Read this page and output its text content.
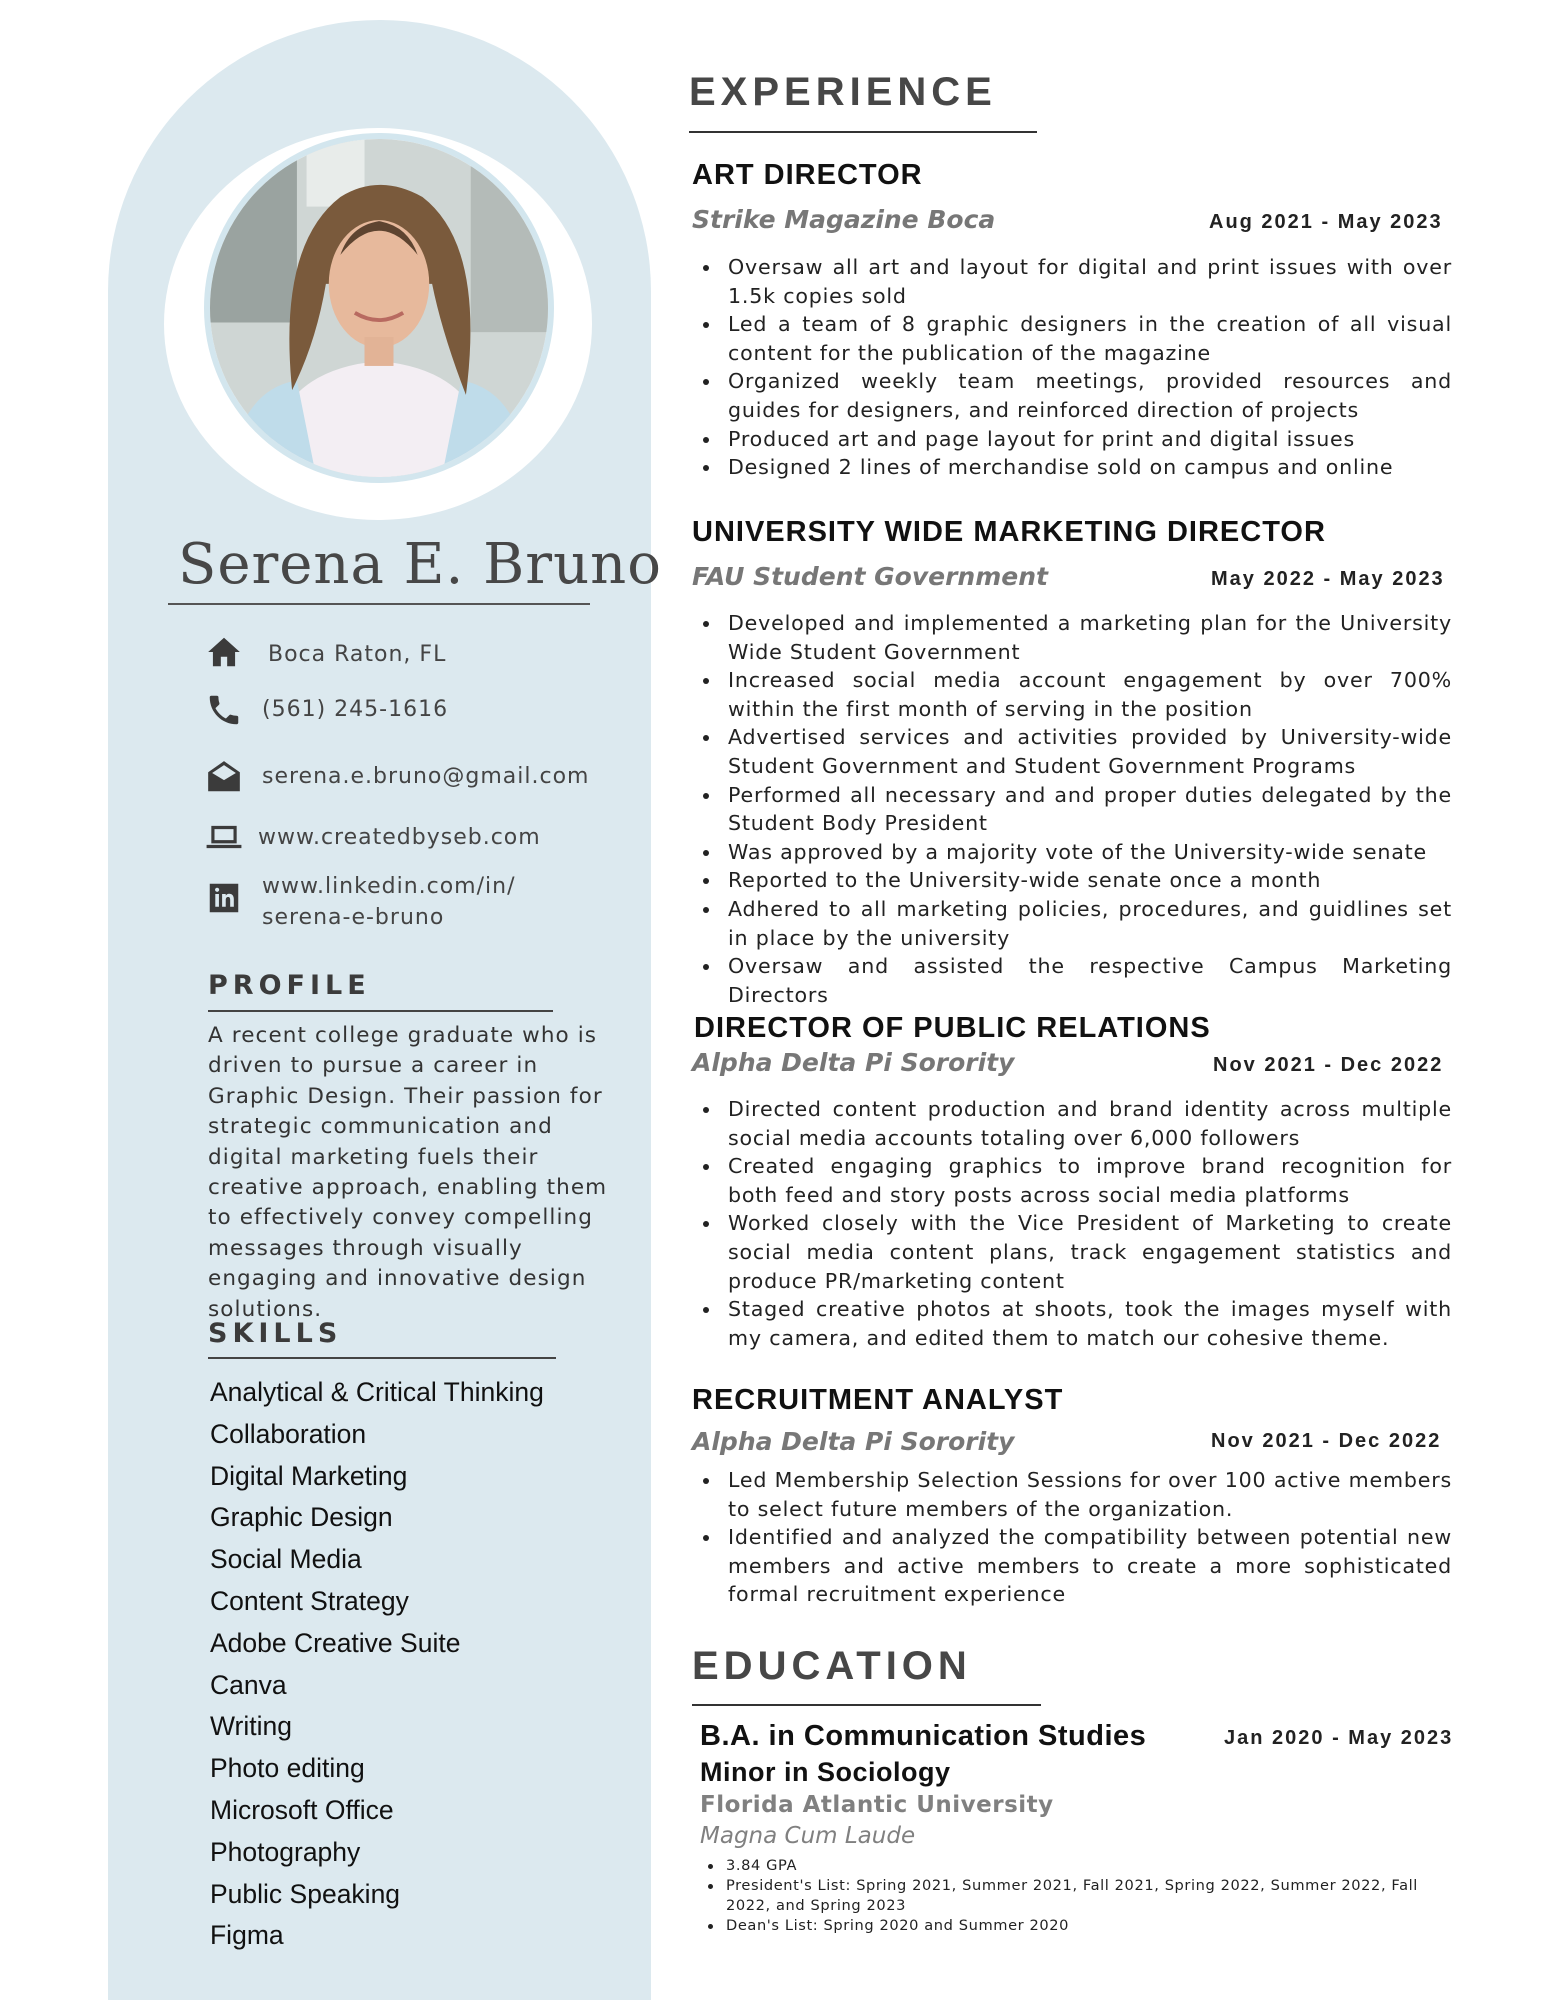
Serena E. Bruno
Boca Raton, FL
(561) 245-1616
serena.e.bruno@gmail.com
www.createdbyseb.com
www.linkedin.com/in/
serena-e-bruno
PROFILE
A recent college graduate who is driven to pursue a career in Graphic Design. Their passion for strategic communication and digital marketing fuels their creative approach, enabling them to effectively convey compelling messages through visually engaging and innovative design solutions.
SKILLS
Analytical & Critical Thinking
Collaboration
Digital Marketing
Graphic Design
Social Media
Content Strategy
Adobe Creative Suite
Canva
Writing
Photo editing
Microsoft Office
Photography
Public Speaking
Figma
EXPERIENCE
ART DIRECTOR
Strike Magazine Boca	Aug 2021 - May 2023
Oversaw all art and layout for digital and print issues with over 1.5k copies sold
Led a team of 8 graphic designers in the creation of all visual content for the publication of the magazine
Organized weekly team meetings, provided resources and guides for designers, and reinforced direction of projects
Produced art and page layout for print and digital issues
Designed 2 lines of merchandise sold on campus and online
UNIVERSITY WIDE MARKETING DIRECTOR
FAU Student Government	May 2022 - May 2023
Developed and implemented a marketing plan for the University Wide Student Government
Increased social media account engagement by over 700% within the first month of serving in the position
Advertised services and activities provided by University-wide Student Government and Student Government Programs
Performed all necessary and and proper duties delegated by the Student Body President
Was approved by a majority vote of the University-wide senate
Reported to the University-wide senate once a month
Adhered to all marketing policies, procedures, and guidlines set in place by the university
Oversaw and assisted the respective Campus Marketing Directors
DIRECTOR OF PUBLIC RELATIONS
Alpha Delta Pi Sorority	Nov 2021 - Dec 2022
Directed content production and brand identity across multiple social media accounts totaling over 6,000 followers
Created engaging graphics to improve brand recognition for both feed and story posts across social media platforms
Worked closely with the Vice President of Marketing to create social media content plans, track engagement statistics and produce PR/marketing content
Staged creative photos at shoots, took the images myself with my camera, and edited them to match our cohesive theme.
RECRUITMENT ANALYST
Alpha Delta Pi Sorority	Nov 2021 - Dec 2022
Led Membership Selection Sessions for over 100 active members to select future members of the organization.
Identified and analyzed the compatibility between potential new members and active members to create a more sophisticated formal recruitment experience
EDUCATION
B.A. in Communication Studies	Jan 2020 - May 2023
Minor in Sociology
Florida Atlantic University
Magna Cum Laude
3.84 GPA
President's List: Spring 2021, Summer 2021, Fall 2021, Spring 2022, Summer 2022, Fall 2022, and Spring 2023
Dean's List: Spring 2020 and Summer 2020
